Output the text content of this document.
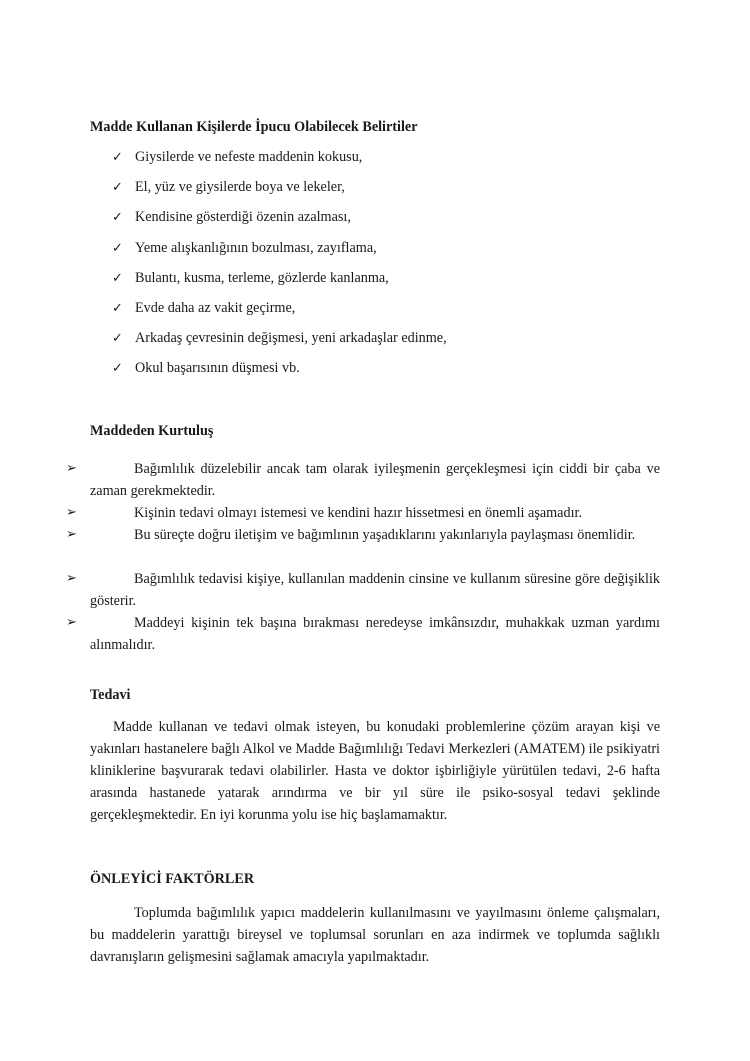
Madde Kullanan Kişilerde İpucu Olabilecek Belirtiler
✓ Giysilerde ve nefeste maddenin kokusu,
✓ El, yüz ve giysilerde boya ve lekeler,
✓ Kendisine gösterdiği özenin azalması,
✓ Yeme alışkanlığının bozulması, zayıflama,
✓ Bulantı, kusma, terleme, gözlerde kanlanma,
✓ Evde daha az vakit geçirme,
✓ Arkadaş çevresinin değişmesi, yeni arkadaşlar edinme,
✓ Okul başarısının düşmesi vb.
Maddeden Kurtuluş
➢	Bağımlılık düzelebilir ancak tam olarak iyileşmenin gerçekleşmesi için ciddi bir çaba ve zaman gerekmektedir.

➢	Kişinin tedavi olmayı istemesi ve kendini hazır hissetmesi en önemli aşamadır.

➢	Bu süreçte doğru iletişim ve bağımlının yaşadıklarını yakınlarıyla paylaşması önemlidir.

➢	Bağımlılık tedavisi kişiye, kullanılan maddenin cinsine ve kullanım süresine göre değişiklik gösterir.

➢	Maddeyi kişinin tek başına bırakması neredeyse imkânsızdır, muhakkak uzman yardımı alınmalıdır.

Tedavi

Madde kullanan ve tedavi olmak isteyen, bu konudaki problemlerine çözüm arayan kişi ve yakınları hastanelere bağlı Alkol ve Madde Bağımlılığı Tedavi Merkezleri (AMATEM) ile psikiyatri kliniklerine başvurarak tedavi olabilirler. Hasta ve doktor işbirliğiyle yürütülen tedavi, 2-6 hafta arasında hastanede yatarak arındırma ve bir yıl süre ile psiko-sosyal tedavi şeklinde gerçekleşmektedir. En iyi korunma yolu ise hiç başlamamaktır.

ÖNLEYİCİ FAKTÖRLER

Toplumda bağımlılık yapıcı maddelerin kullanılmasını ve yayılmasını önleme çalışmaları, bu maddelerin yarattığı bireysel ve toplumsal sorunları en aza indirmek ve toplumda sağlıklı davranışların gelişmesini sağlamak amacıyla yapılmaktadır.
